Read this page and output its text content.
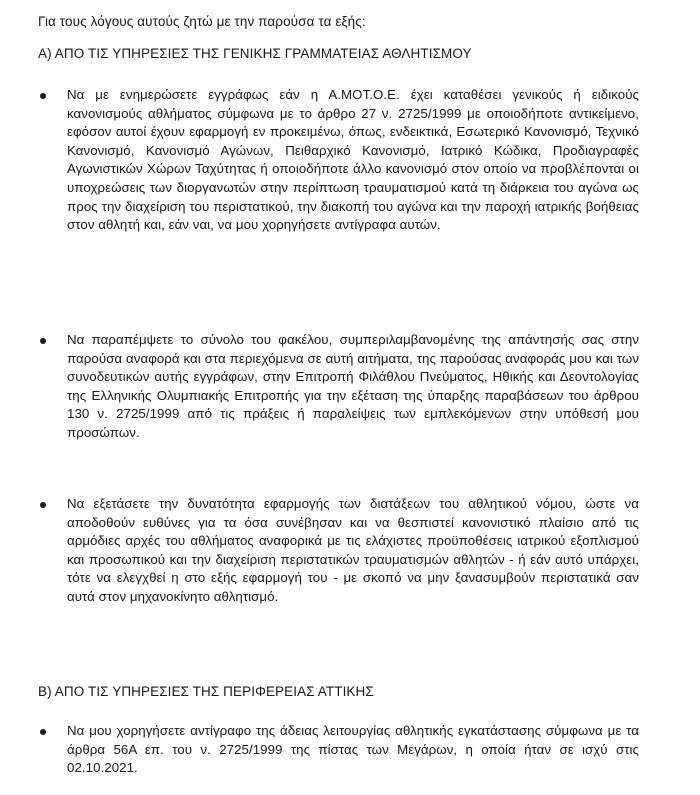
Για τους λόγους αυτούς ζητώ με την παρούσα τα εξής:
Α) ΑΠΟ ΤΙΣ ΥΠΗΡΕΣΙΕΣ ΤΗΣ ΓΕΝΙΚΗΣ ΓΡΑΜΜΑΤΕΙΑΣ ΑΘΛΗΤΙΣΜΟΥ
Να με ενημερώσετε εγγράφως εάν η Α.ΜΟΤ.Ο.Ε. έχει καταθέσει γενικούς ή ειδικούς κανονισμούς αθλήματος σύμφωνα με το άρθρο 27 ν. 2725/1999 με οποιοδήποτε αντικείμενο, εφόσον αυτοί έχουν εφαρμογή εν προκειμένω, όπως, ενδεικτικά, Εσωτερικό Κανονισμό, Τεχνικό Κανονισμό, Κανονισμό Αγώνων, Πειθαρχικό Κανονισμό, Ιατρικό Κώδικα, Προδιαγραφές Αγωνιστικών Χώρων Ταχύτητας ή οποιοδήποτε άλλο κανονισμό στον οποίο να προβλέπονται οι υποχρεώσεις των διοργανωτών στην περίπτωση τραυματισμού κατά τη διάρκεια του αγώνα ως προς την διαχείριση του περιστατικού, την διακοπή του αγώνα και την παροχή ιατρικής βοήθειας στον αθλητή και, εάν ναι, να μου χορηγήσετε αντίγραφα αυτών.
Να παραπέμψετε το σύνολο του φακέλου, συμπεριλαμβανομένης της απάντησής σας στην παρούσα αναφορά και στα περιεχόμενα σε αυτή αιτήματα, της παρούσας αναφοράς μου και των συνοδευτικών αυτής εγγράφων, στην Επιτροπή Φιλάθλου Πνεύματος, Ηθικής και Δεοντολογίας της Ελληνικής Ολυμπιακής Επιτροπής για την εξέταση της ύπαρξης παραβάσεων του άρθρου 130 ν. 2725/1999 από τις πράξεις ή παραλείψεις των εμπλεκόμενων στην υπόθεσή μου προσώπων.
Να εξετάσετε την δυνατότητα εφαρμογής των διατάξεων του αθλητικού νόμου, ώστε να αποδοθούν ευθύνες για τα όσα συνέβησαν και να θεσπιστεί κανονιστικό πλαίσιο από τις αρμόδιες αρχές του αθλήματος αναφορικά με τις ελάχιστες προϋποθέσεις ιατρικού εξοπλισμού και προσωπικού και την διαχείριση περιστατικών τραυματισμών αθλητών - ή εάν αυτό υπάρχει, τότε να ελεγχθεί η στο εξής εφαρμογή του - με σκοπό να μην ξανασυμβούν περιστατικά σαν αυτά στον μηχανοκίνητο αθλητισμό.
Β) ΑΠΟ ΤΙΣ ΥΠΗΡΕΣΙΕΣ ΤΗΣ ΠΕΡΙΦΕΡΕΙΑΣ ΑΤΤΙΚΗΣ
Να μου χορηγήσετε αντίγραφο της άδειας λειτουργίας αθλητικής εγκατάστασης σύμφωνα με τα άρθρα 56Α επ. του ν. 2725/1999 της πίστας των Μεγάρων, η οποία ήταν σε ισχύ στις 02.10.2021.
